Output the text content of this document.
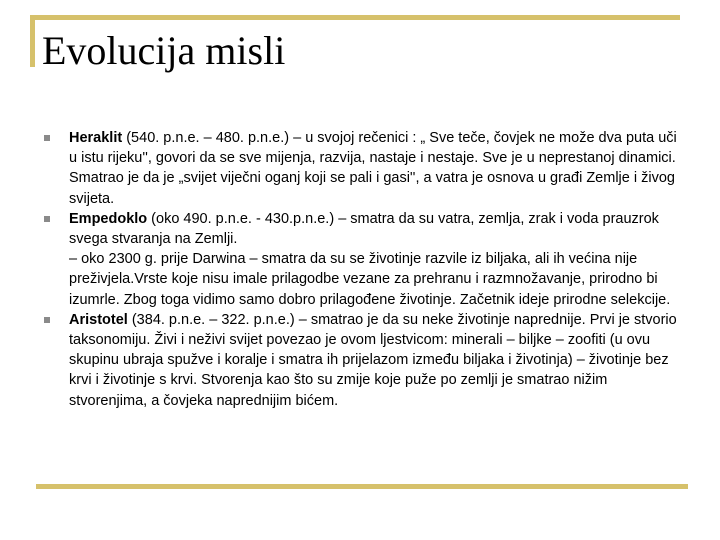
Evolucija misli
Heraklit (540. p.n.e. – 480. p.n.e.) – u svojoj rečenici : „ Sve teče, čovjek ne može dva puta uči u istu rijeku'', govori da se sve mijenja, razvija, nastaje i nestaje. Sve je u neprestanoj dinamici. Smatrao je da je „svijet viječni oganj koji se pali i gasi'', a vatra je osnova u građi Zemlje i živog svijeta.
Empedoklo (oko 490. p.n.e. - 430.p.n.e.) – smatra da su vatra, zemlja, zrak i voda prauzrok svega stvaranja na Zemlji.
– oko 2300 g. prije Darwina – smatra da su se životinje razvile iz biljaka, ali ih većina nije preživjela.Vrste koje nisu imale prilagodbe vezane za prehranu i razmnožavanje, prirodno bi izumrle. Zbog toga vidimo samo dobro prilagođene životinje. Začetnik ideje prirodne selekcije.
Aristotel (384. p.n.e. – 322. p.n.e.) – smatrao je da su neke životinje naprednije. Prvi je stvorio taksonomiju. Živi i neživi svijet povezao je ovom ljestvicom: minerali – biljke – zoofiti (u ovu skupinu ubraja spužve i koralje i smatra ih prijelazom između biljaka i životinja) – životinje bez krvi i životinje s krvi. Stvorenja kao što su zmije koje puže po zemlji je smatrao nižim stvorenjima, a čovjeka naprednijim bićem.
